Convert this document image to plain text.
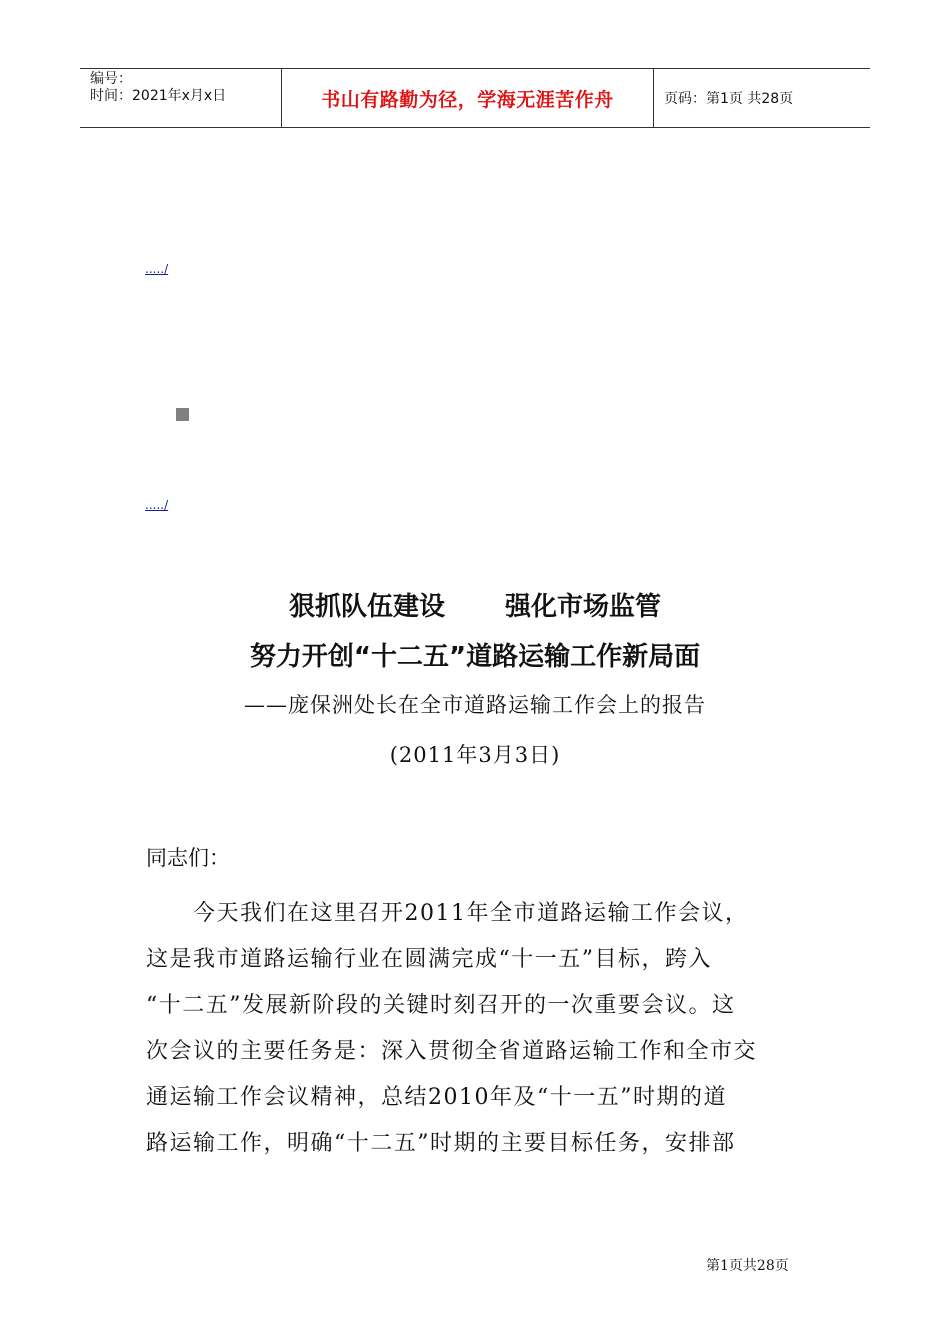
编号：
时间：2021年x月x日	书山有路勤为径，学海无涯苦作舟	页码：第1页 共28页
...../
...../
狠抓队伍建设 强化市场监管
努力开创“十二五”道路运输工作新局面
——庞保洲处长在全市道路运输工作会上的报告
(2011年3月3日)
同志们：
　　今天我们在这里召开2011年全市道路运输工作会议，
这是我市道路运输行业在圆满完成“十一五”目标，跨入
“十二五”发展新阶段的关键时刻召开的一次重要会议。这
次会议的主要任务是：深入贯彻全省道路运输工作和全市交
通运输工作会议精神，总结2010年及“十一五”时期的道
路运输工作，明确“十二五”时期的主要目标任务，安排部
第1页共28页
